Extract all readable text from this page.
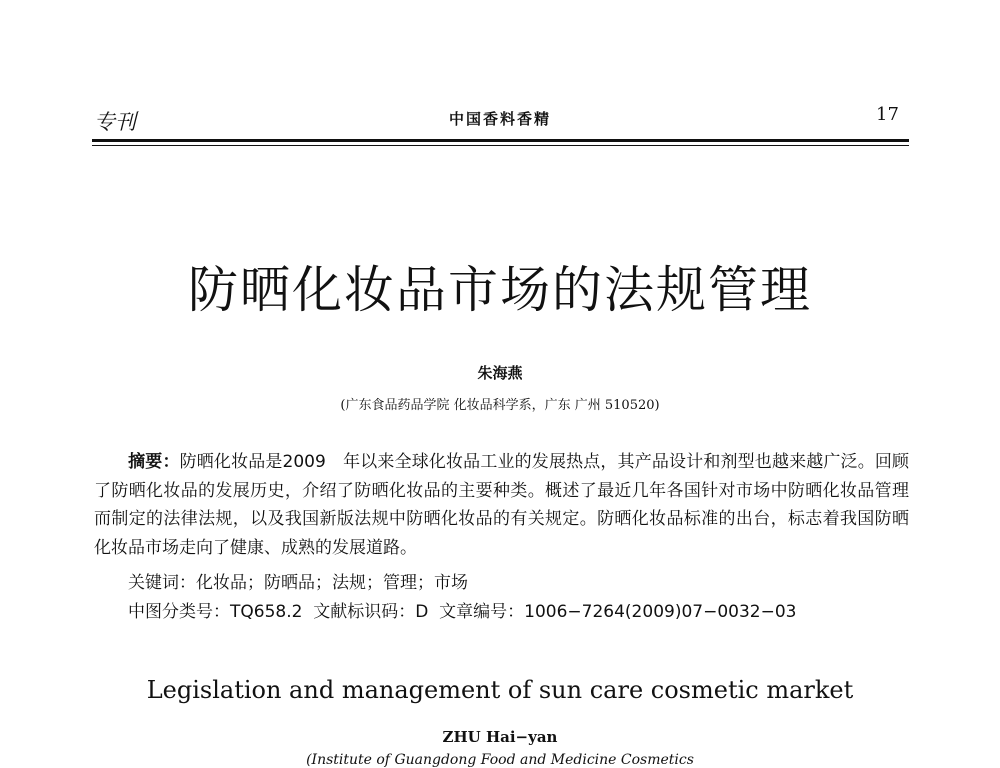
专刊	中国香料香精	17
防晒化妆品市场的法规管理
朱海燕
(广东食品药品学院 化妆品科学系，广东 广州 510520)
摘要：防晒化妆品是2009　年以来全球化妆品工业的发展热点，其产品设计和剂型也越来越广泛。回顾了防晒化妆品的发展历史，介绍了防晒化妆品的主要种类。概述了最近几年各国针对市场中防晒化妆品管理而制定的法律法规，以及我国新版法规中防晒化妆品的有关规定。防晒化妆品标准的出台，标志着我国防晒化妆品市场走向了健康、成熟的发展道路。
关键词：化妆品；防晒品；法规；管理；市场
中图分类号：TQ658.2 文献标识码：D 文章编号：1006−7264(2009)07−0032−03
Legislation and management of sun care cosmetic market
ZHU Hai−yan
(Institute of Guangdong Food and Medicine Cosmetics
